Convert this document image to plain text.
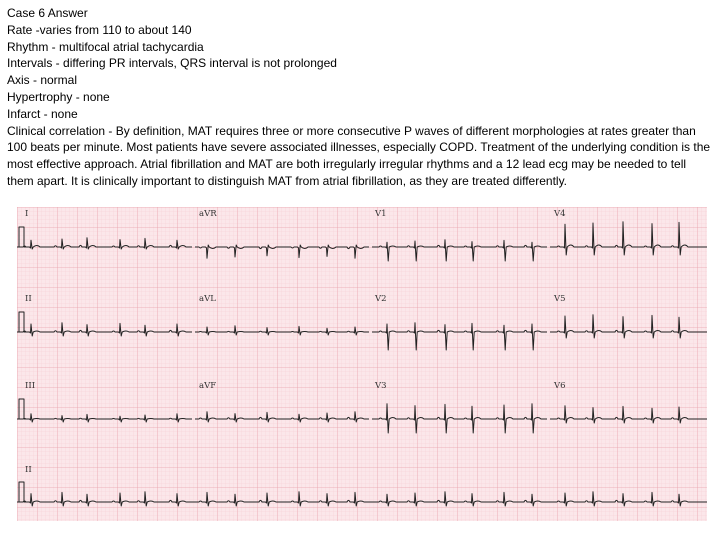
Case 6 Answer
Rate -varies from 110 to about 140
Rhythm - multifocal atrial tachycardia
Intervals - differing PR intervals, QRS interval is not prolonged
Axis - normal
Hypertrophy - none
Infarct - none
Clinical correlation - By definition, MAT requires three or more consecutive P waves of different morphologies at rates greater than 100 beats per minute. Most patients have severe associated illnesses, especially COPD. Treatment of the underlying condition is the most effective approach. Atrial fibrillation and MAT are both irregularly irregular rhythms and a 12 lead ecg may be needed to tell them apart. It is clinically important to distinguish MAT from atrial fibrillation, as they are treated differently.
I	aVR	V1	V4
II	aVL	V2	V5
III	aVF	V3	V6
II
